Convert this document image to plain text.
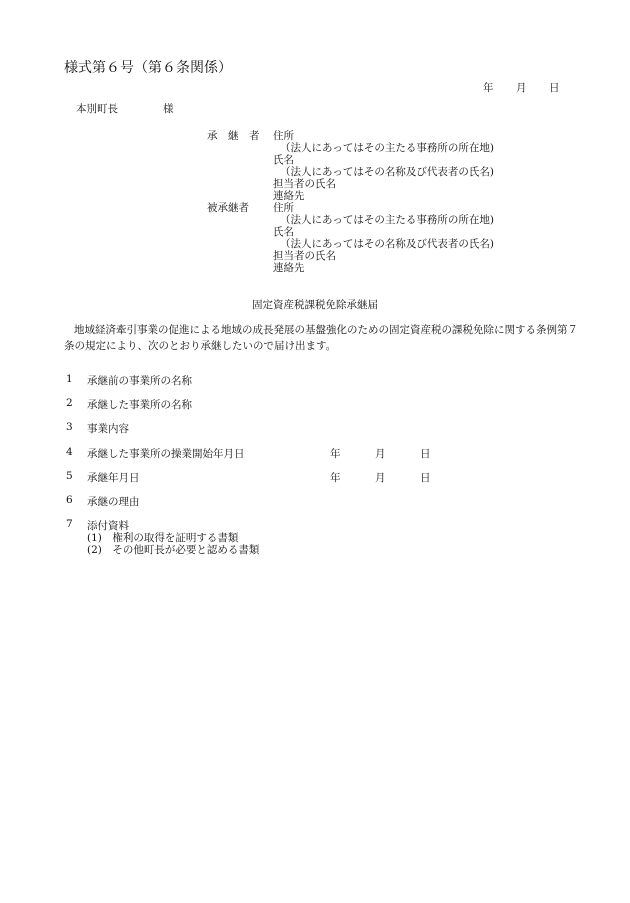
様式第６号（第６条関係）
年 月 日
本別町長	様
承　継　者 住所
（法人にあってはその主たる事務所の所在地)
氏名
（法人にあってはその名称及び代表者の氏名)
担当者の氏名
連絡先
被承継者 住所
（法人にあってはその主たる事務所の所在地)
氏名
（法人にあってはその名称及び代表者の氏名)
担当者の氏名
連絡先
固定資産税課税免除承継届
地域経済牽引事業の促進による地域の成長発展の基盤強化のための固定資産税の課税免除に関する条例第７条の規定により、次のとおり承継したいので届け出ます。
1 承継前の事業所の名称
2 承継した事業所の名称
3 事業内容
4 承継した事業所の操業開始年月日	年	月	日
5 承継年月日	年	月	日
6 承継の理由
7 添付資料
(1)　権利の取得を証明する書類
(2)　その他町長が必要と認める書類
